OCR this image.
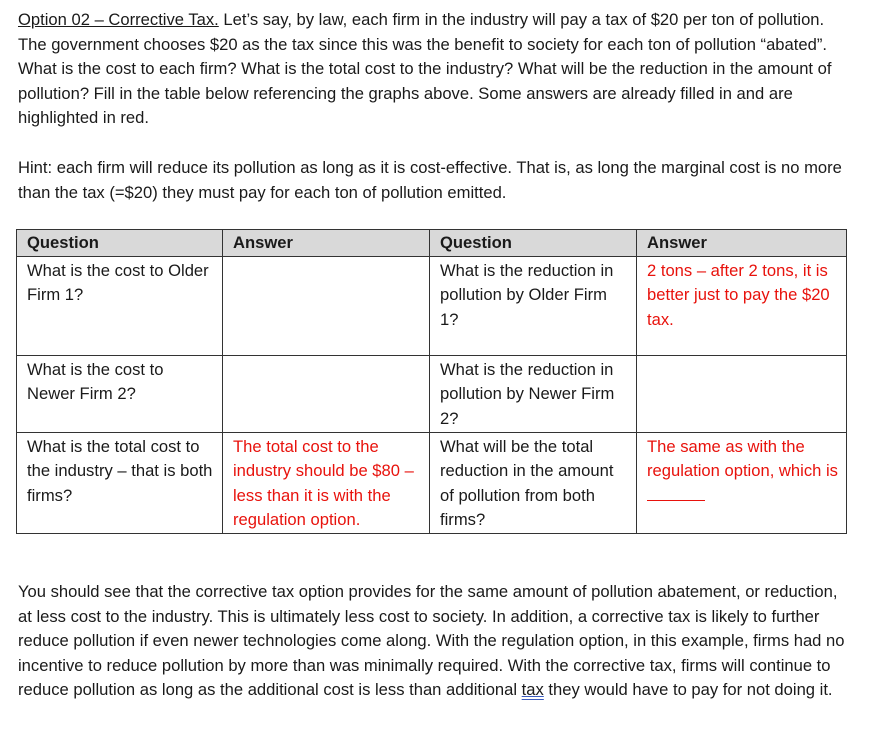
Option 02 – Corrective Tax. Let’s say, by law, each firm in the industry will pay a tax of $20 per ton of pollution. The government chooses $20 as the tax since this was the benefit to society for each ton of pollution “abated”. What is the cost to each firm? What is the total cost to the industry? What will be the reduction in the amount of pollution? Fill in the table below referencing the graphs above. Some answers are already filled in and are highlighted in red.

Hint: each firm will reduce its pollution as long as it is cost-effective. That is, as long the marginal cost is no more than the tax (=$20) they must pay for each ton of pollution emitted.

Question	Answer	Question	Answer
What is the cost to Older Firm 1?		What is the reduction in pollution by Older Firm 1?	2 tons – after 2 tons, it is better just to pay the $20 tax.
What is the cost to Newer Firm 2?		What is the reduction in pollution by Newer Firm 2?	
What is the total cost to the industry – that is both firms?	The total cost to the industry should be $80 – less than it is with the regulation option.	What will be the total reduction in the amount of pollution from both firms?	The same as with the regulation option, which is

You should see that the corrective tax option provides for the same amount of pollution abatement, or reduction, at less cost to the industry. This is ultimately less cost to society. In addition, a corrective tax is likely to further reduce pollution if even newer technologies come along. With the regulation option, in this example, firms had no incentive to reduce pollution by more than was minimally required. With the corrective tax, firms will continue to reduce pollution as long as the additional cost is less than additional tax they would have to pay for not doing it.
